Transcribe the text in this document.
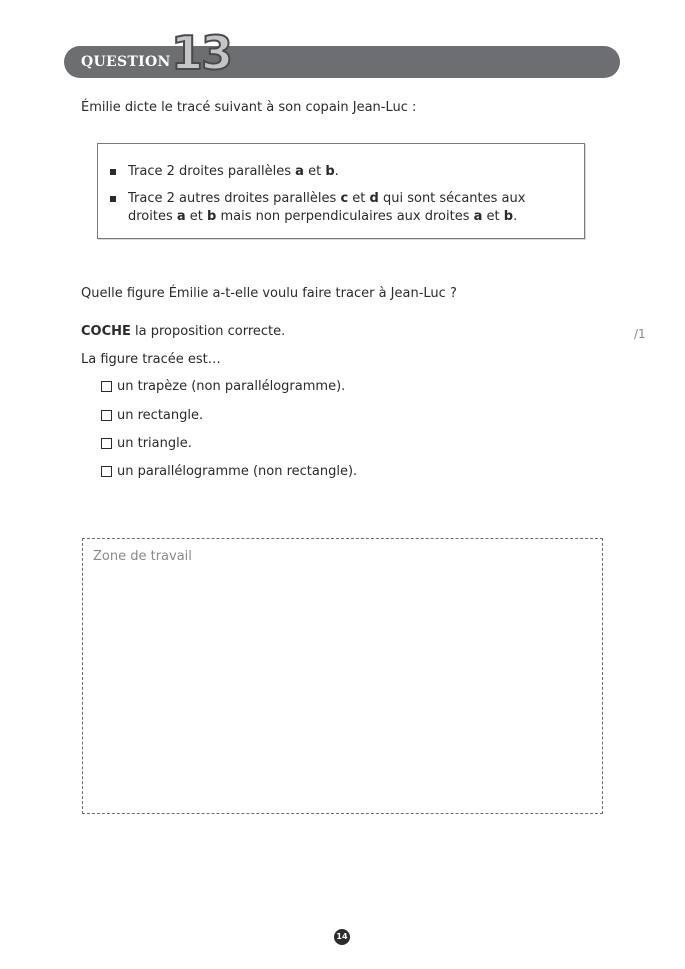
QUESTION 13
Émilie dicte le tracé suivant à son copain Jean-Luc :
Trace 2 droites parallèles a et b.
Trace 2 autres droites parallèles c et d qui sont sécantes aux droites a et b mais non perpendiculaires aux droites a et b.
Quelle figure Émilie a-t-elle voulu faire tracer à Jean-Luc ?
COCHE la proposition correcte.	/1
La figure tracée est…
un trapèze (non parallélogramme).
un rectangle.
un triangle.
un parallélogramme (non rectangle).
Zone de travail
14
